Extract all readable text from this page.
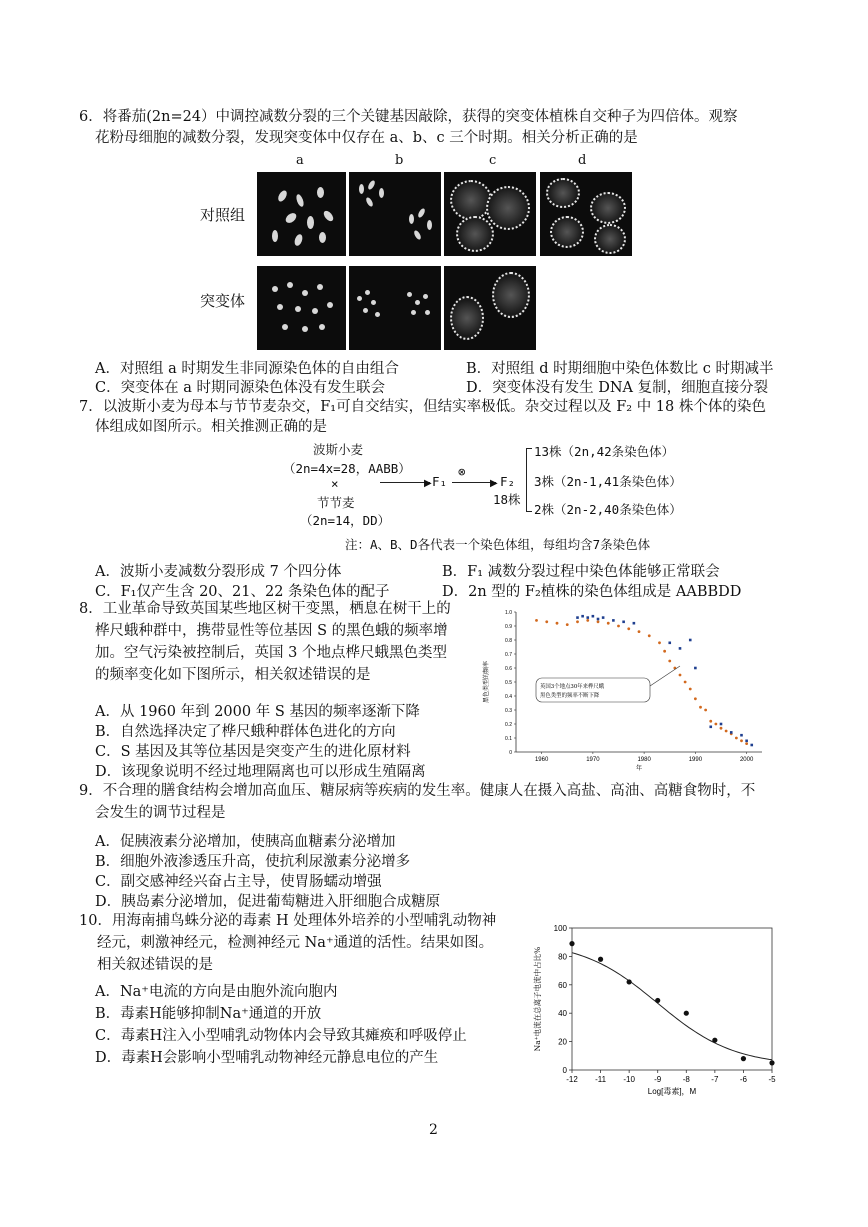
6．将番茄(2n=24）中调控减数分裂的三个关键基因敲除，获得的突变体植株自交种子为四倍体。观察
花粉母细胞的减数分裂，发现突变体中仅存在 a、b、c 三个时期。相关分析正确的是
a	b	c	d
对照组
突变体
A．对照组 a 时期发生非同源染色体的自由组合	B．对照组 d 时期细胞中染色体数比 c 时期减半
C．突变体在 a 时期同源染色体没有发生联会	D．突变体没有发生 DNA 复制，细胞直接分裂
7．以波斯小麦为母本与节节麦杂交，F₁可自交结实，但结实率极低。杂交过程以及 F₂ 中 18 株个体的染色
体组成如图所示。相关推测正确的是
波斯小麦
（2n=4x=28，AABB）
×
节节麦
（2n=14，DD）
▶ F₁
⊗
▶ F₂
18株
13株（2n,42条染色体）
3株（2n-1,41条染色体）
2株（2n-2,40条染色体）
注：A、B、D各代表一个染色体组，每组均含7条染色体
A．波斯小麦减数分裂形成 7 个四分体	B．F₁ 减数分裂过程中染色体能够正常联会
C．F₁仅产生含 20、21、22 条染色体的配子	D．2n 型的 F₂植株的染色体组成是 AABBDD
8．工业革命导致英国某些地区树干变黑，栖息在树干上的
桦尺蛾种群中，携带显性等位基因 S 的黑色蛾的频率增
加。空气污染被控制后，英国 3 个地点桦尺蛾黑色类型
的频率变化如下图所示，相关叙述错误的是
A．从 1960 年到 2000 年 S 基因的频率逐渐下降
B．自然选择决定了桦尺蛾种群体色进化的方向
C．S 基因及其等位基因是突变产生的进化原材料
D．该现象说明不经过地理隔离也可以形成生殖隔离
0
0.1
0.2
0.3
0.4
0.5
0.6
0.7
0.8
0.9
1.0
1960	1970	1980	1990	2000
年
黑色类型的频率	英国3个地点30年来桦尺蛾
黑色类型的频率不断下降
9．不合理的膳食结构会增加高血压、糖尿病等疾病的发生率。健康人在摄入高盐、高油、高糖食物时，不
会发生的调节过程是
A．促胰液素分泌增加，使胰高血糖素分泌增加
B．细胞外液渗透压升高，使抗利尿激素分泌增多
C．副交感神经兴奋占主导，使胃肠蠕动增强
D．胰岛素分泌增加，促进葡萄糖进入肝细胞合成糖原
10．用海南捕鸟蛛分泌的毒素 H 处理体外培养的小型哺乳动物神
经元，刺激神经元，检测神经元 Na⁺通道的活性。结果如图。
相关叙述错误的是
A．Na⁺电流的方向是由胞外流向胞内
B．毒素H能够抑制Na⁺通道的开放
C．毒素H注入小型哺乳动物体内会导致其瘫痪和呼吸停止
D．毒素H会影响小型哺乳动物神经元静息电位的产生
0
20
40
60
80
100
-12 -11 -10 -9	-8	-7	-6	-5
Log[毒素]，M
Na⁺电流在总离子电流中占比%
2
